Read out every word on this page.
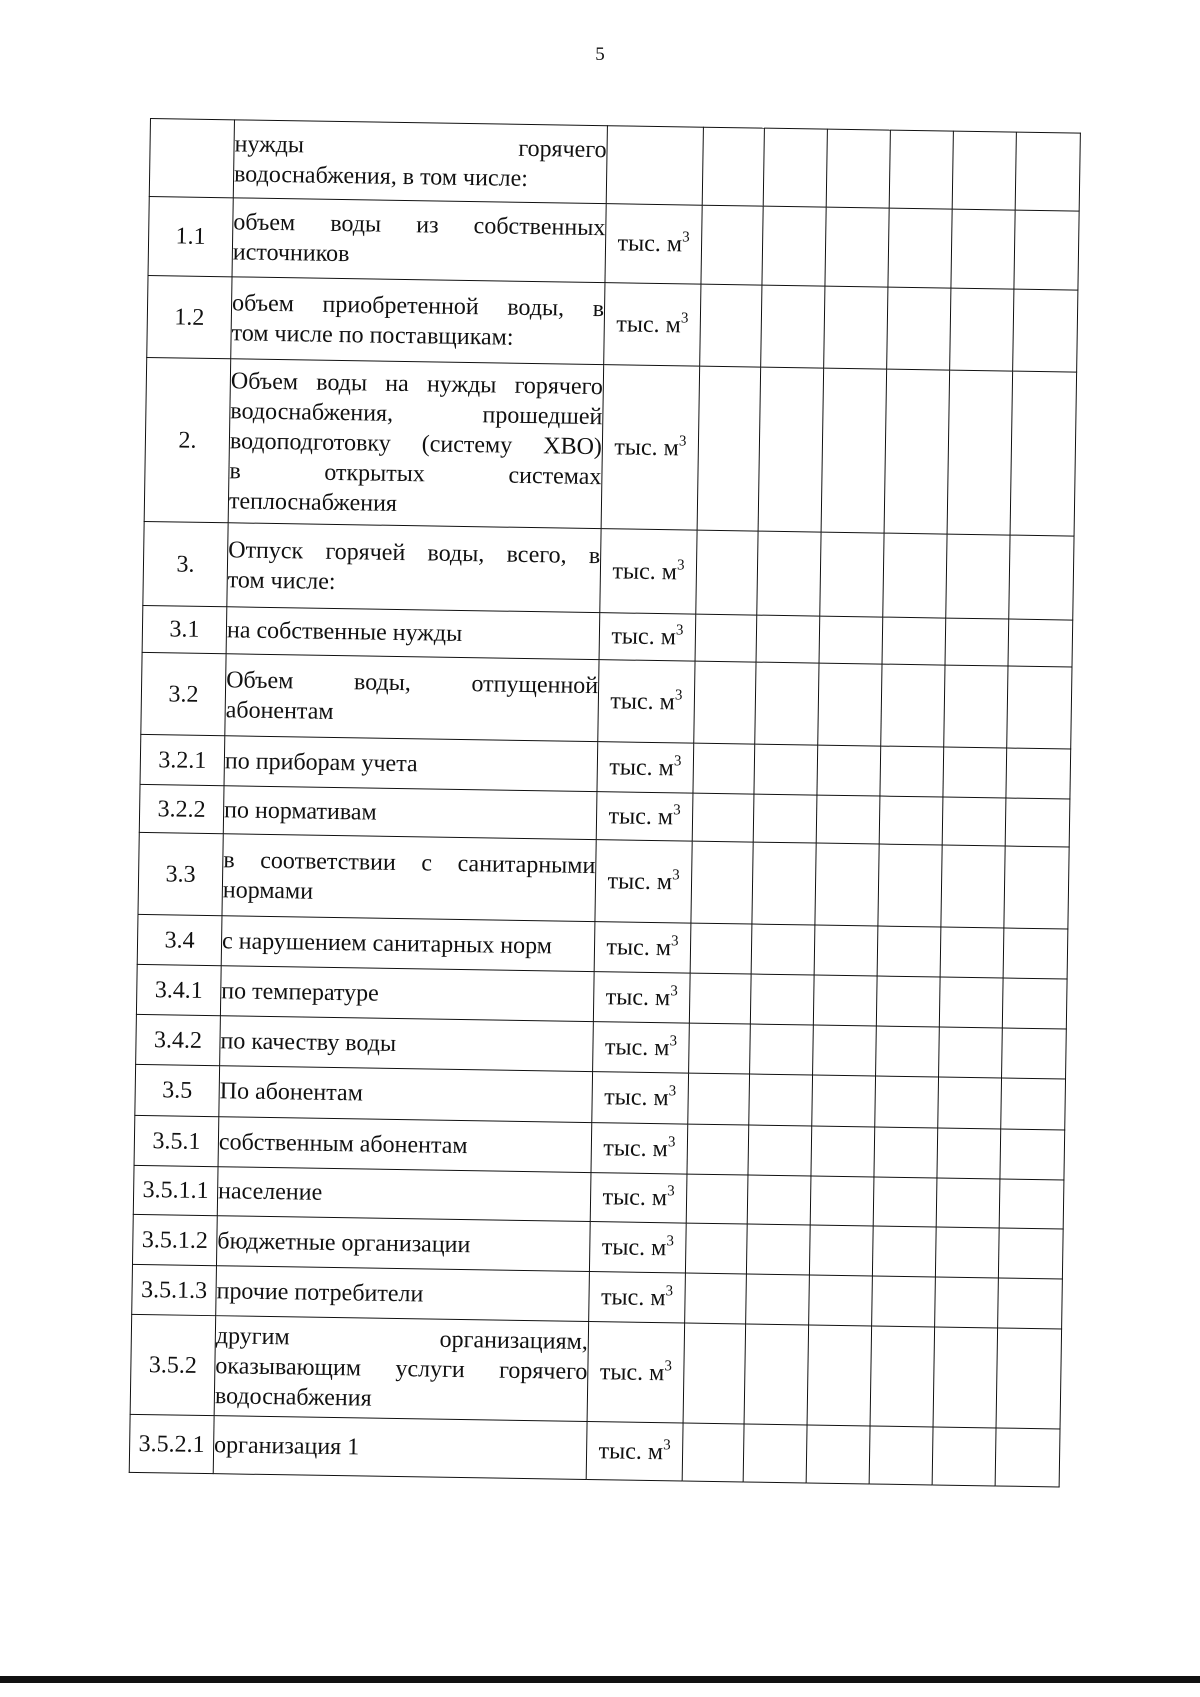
5

	нужды горячего
водоснабжения, в том числе:							

1.1	объем воды из собственных
источников	тыс. $м^3$						
1.2	объем приобретенной воды, в
том числе по поставщикам:	тыс. $м^3$						
2.	Объем воды на нужды горячего
водоснабжения, прошедшей
водоподготовку (систему ХВО)
в открытых системах
теплоснабжения	тыс. $м^3$						
3.	Отпуск горячей воды, всего, в
том числе:	тыс. $м^3$						
3.1	на собственные нужды	тыс. $м^3$						
3.2	Объем воды, отпущенной
абонентам	тыс. $м^3$						
3.2.1	по приборам учета	тыс. $м^3$						
3.2.2	по нормативам	тыс. $м^3$						
3.3	в соответствии с санитарными
нормами	тыс. $м^3$						
3.4	с нарушением санитарных норм	тыс. $м^3$						
3.4.1	по температуре	тыс. $м^3$						
3.4.2	по качеству воды	тыс. $м^3$						
3.5	По абонентам	тыс. $м^3$						
3.5.1	собственным абонентам	тыс. $м^3$						
3.5.1.1	население	тыс. $м^3$						
3.5.1.2	бюджетные организации	тыс. $м^3$						
3.5.1.3	прочие потребители	тыс. $м^3$						
3.5.2	другим организациям,
оказывающим услуги горячего
водоснабжения	тыс. $м^3$						
3.5.2.1	организация 1	тыс. $м^3$						
